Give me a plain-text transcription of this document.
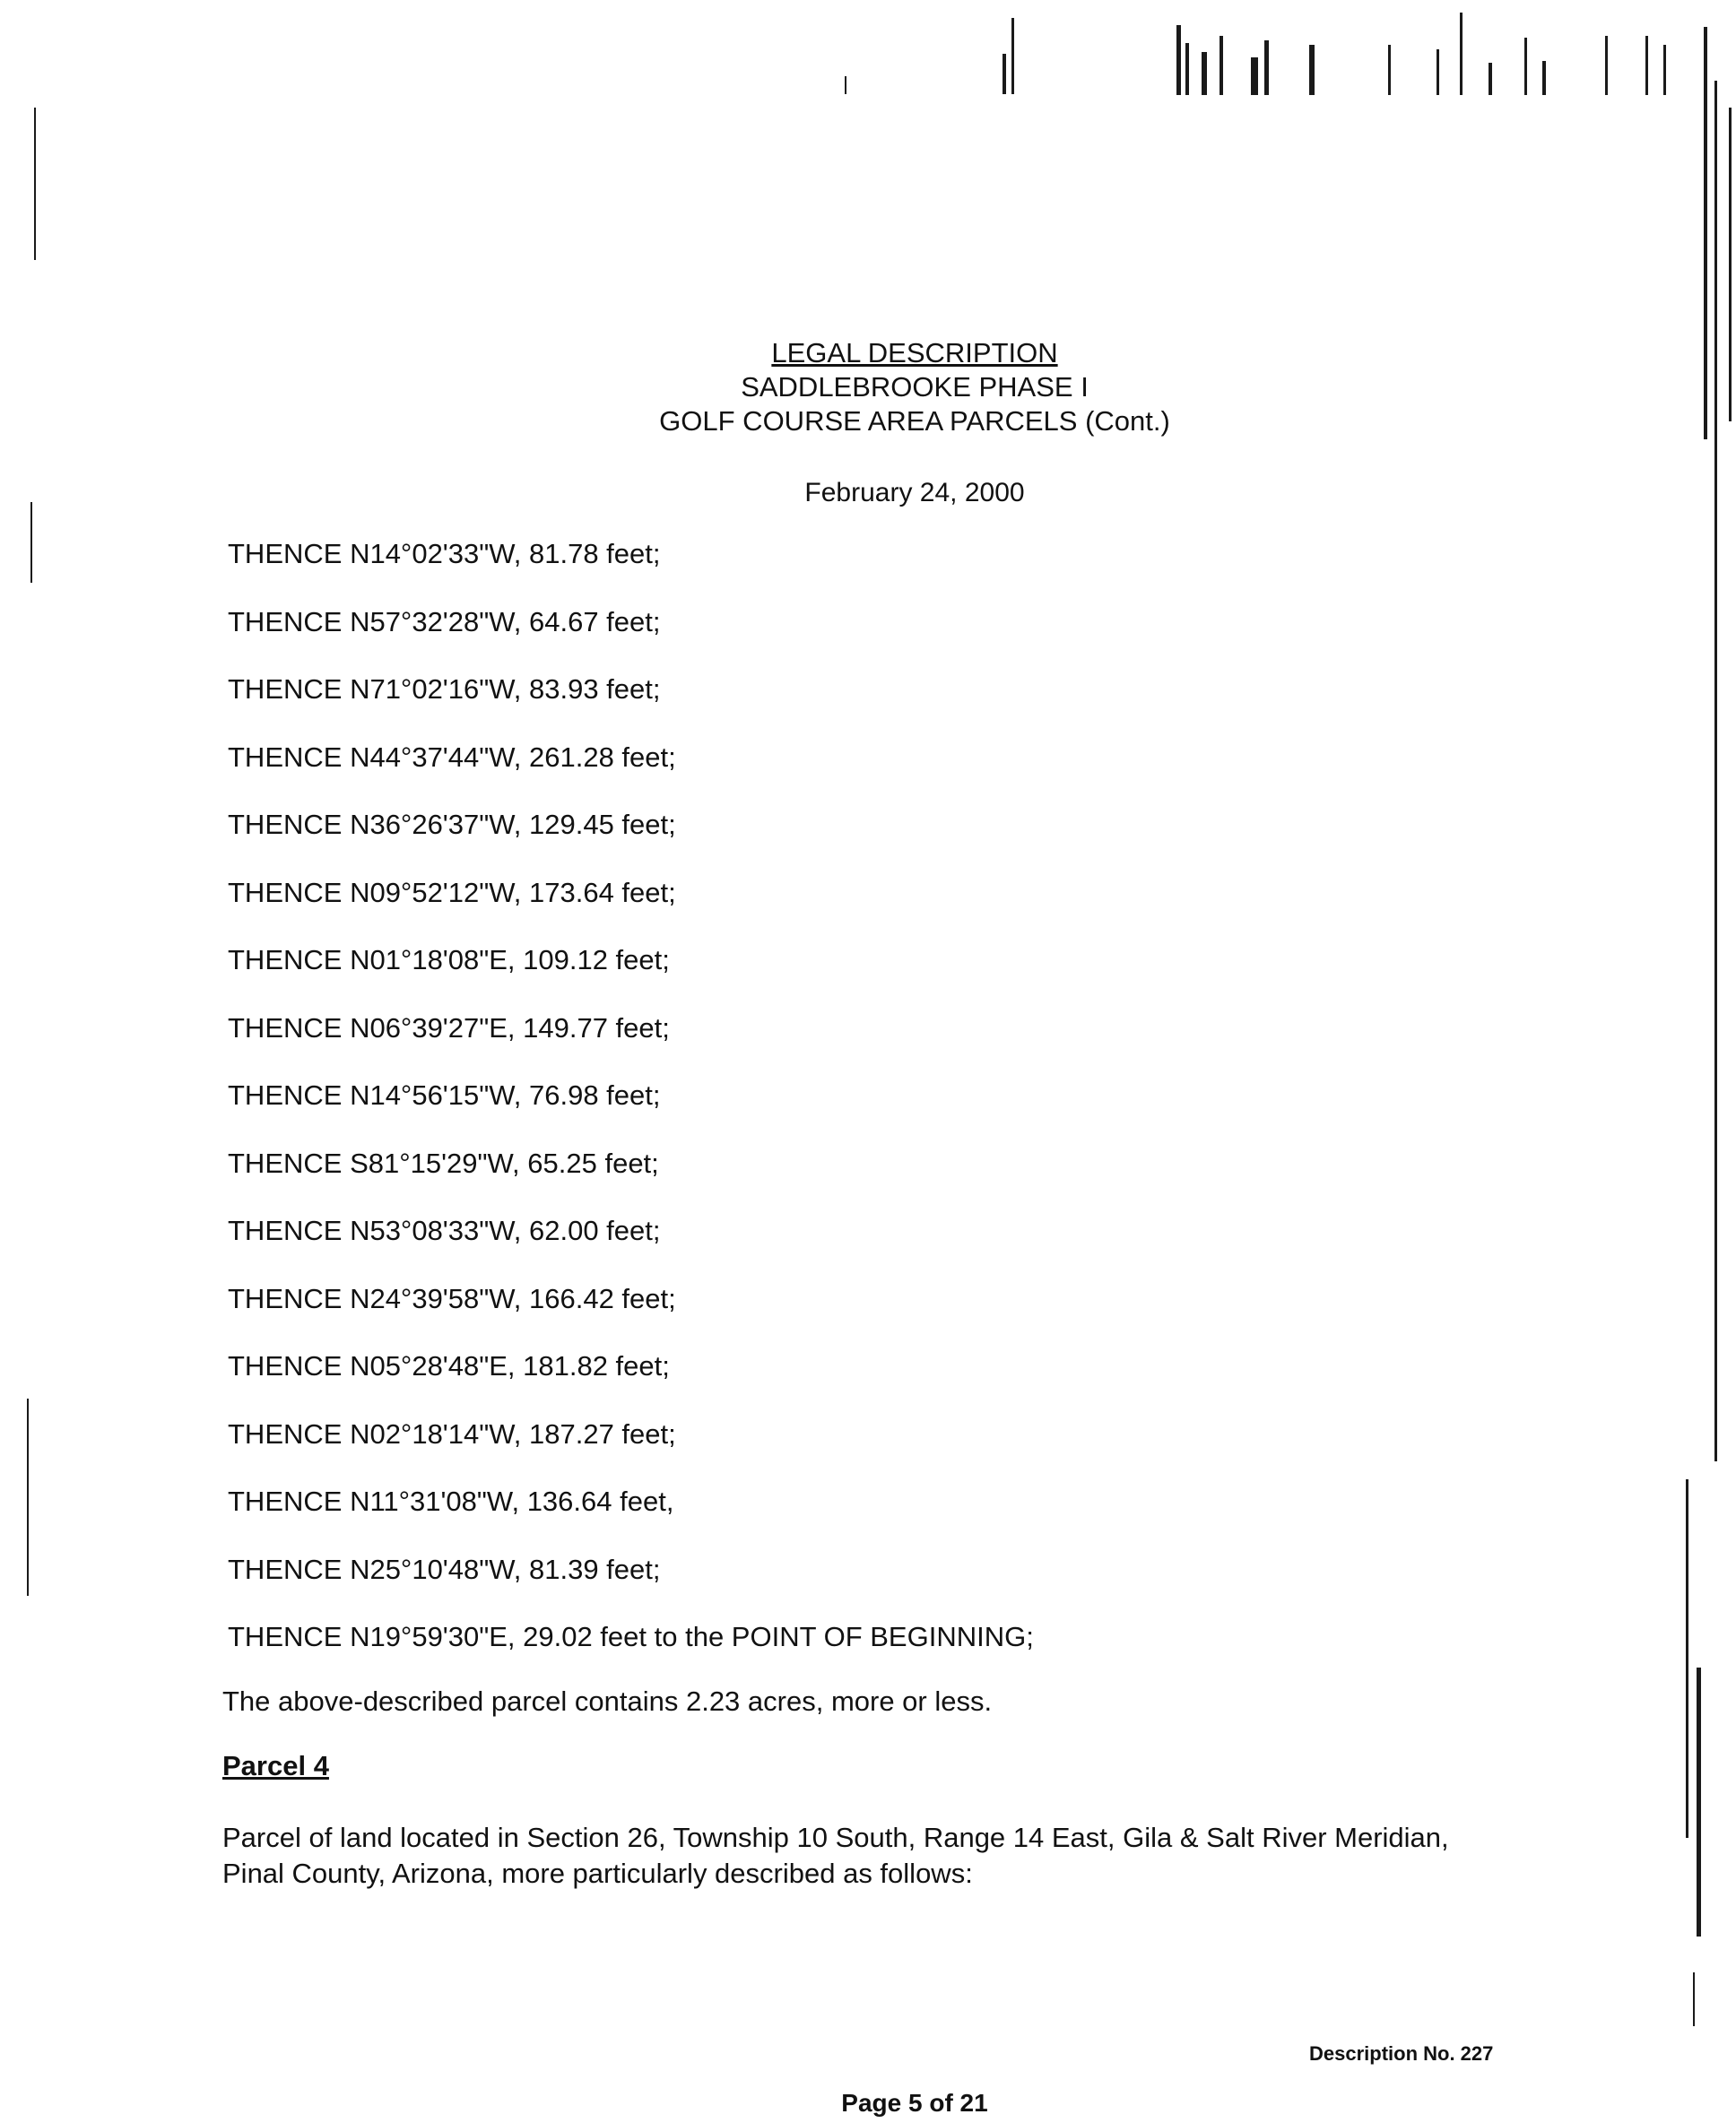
LEGAL DESCRIPTION
SADDLEBROOKE PHASE I
GOLF COURSE AREA PARCELS (Cont.)
February 24, 2000
THENCE N14°02'33"W, 81.78 feet;
THENCE N57°32'28"W, 64.67 feet;
THENCE N71°02'16"W, 83.93 feet;
THENCE N44°37'44"W, 261.28 feet;
THENCE N36°26'37"W, 129.45 feet;
THENCE N09°52'12"W, 173.64 feet;
THENCE N01°18'08"E, 109.12 feet;
THENCE N06°39'27"E, 149.77 feet;
THENCE N14°56'15"W, 76.98 feet;
THENCE S81°15'29"W, 65.25 feet;
THENCE N53°08'33"W, 62.00 feet;
THENCE N24°39'58"W, 166.42 feet;
THENCE N05°28'48"E, 181.82 feet;
THENCE N02°18'14"W, 187.27 feet;
THENCE N11°31'08"W, 136.64 feet,
THENCE N25°10'48"W, 81.39 feet;
THENCE N19°59'30"E, 29.02 feet to the POINT OF BEGINNING;
The above-described parcel contains 2.23 acres, more or less.
Parcel 4
Parcel of land located in Section 26, Township 10 South, Range 14 East, Gila & Salt River Meridian, Pinal County, Arizona, more particularly described as follows:
Description No. 227
Page 5 of 21
